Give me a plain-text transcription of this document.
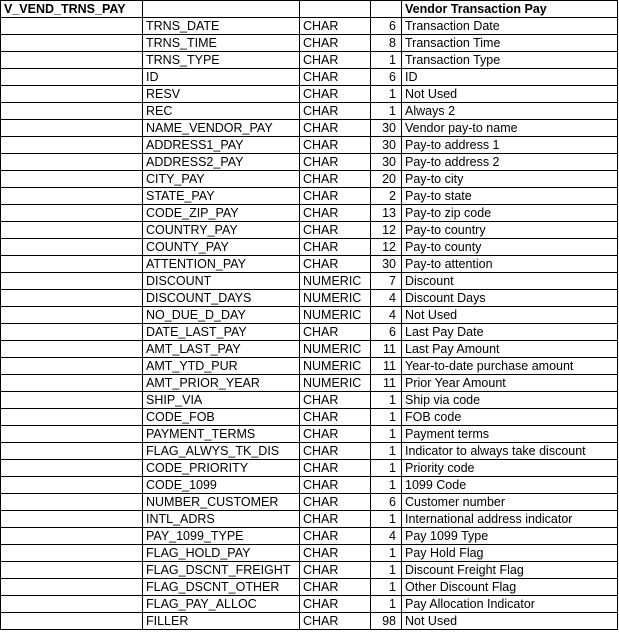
V_VEND_TRNS_PAY				Vendor Transaction Pay
	TRNS_DATE	CHAR	6	Transaction Date
	TRNS_TIME	CHAR	8	Transaction Time
	TRNS_TYPE	CHAR	1	Transaction Type
	ID	CHAR	6	ID
	RESV	CHAR	1	Not Used
	REC	CHAR	1	Always 2
	NAME_VENDOR_PAY	CHAR	30	Vendor pay-to name
	ADDRESS1_PAY	CHAR	30	Pay-to address 1
	ADDRESS2_PAY	CHAR	30	Pay-to address 2
	CITY_PAY	CHAR	20	Pay-to city
	STATE_PAY	CHAR	2	Pay-to state
	CODE_ZIP_PAY	CHAR	13	Pay-to zip code
	COUNTRY_PAY	CHAR	12	Pay-to country
	COUNTY_PAY	CHAR	12	Pay-to county
	ATTENTION_PAY	CHAR	30	Pay-to attention
	DISCOUNT	NUMERIC	7	Discount
	DISCOUNT_DAYS	NUMERIC	4	Discount Days
	NO_DUE_D_DAY	NUMERIC	4	Not Used
	DATE_LAST_PAY	CHAR	6	Last Pay Date
	AMT_LAST_PAY	NUMERIC	11	Last Pay Amount
	AMT_YTD_PUR	NUMERIC	11	Year-to-date purchase amount
	AMT_PRIOR_YEAR	NUMERIC	11	Prior Year Amount
	SHIP_VIA	CHAR	1	Ship via code
	CODE_FOB	CHAR	1	FOB code
	PAYMENT_TERMS	CHAR	1	Payment terms
	FLAG_ALWYS_TK_DIS	CHAR	1	Indicator to always take discount
	CODE_PRIORITY	CHAR	1	Priority code
	CODE_1099	CHAR	1	1099 Code
	NUMBER_CUSTOMER	CHAR	6	Customer number
	INTL_ADRS	CHAR	1	International address indicator
	PAY_1099_TYPE	CHAR	4	Pay 1099 Type
	FLAG_HOLD_PAY	CHAR	1	Pay Hold Flag
	FLAG_DSCNT_FREIGHT	CHAR	1	Discount Freight Flag
	FLAG_DSCNT_OTHER	CHAR	1	Other Discount Flag
	FLAG_PAY_ALLOC	CHAR	1	Pay Allocation Indicator
	FILLER	CHAR	98	Not Used
